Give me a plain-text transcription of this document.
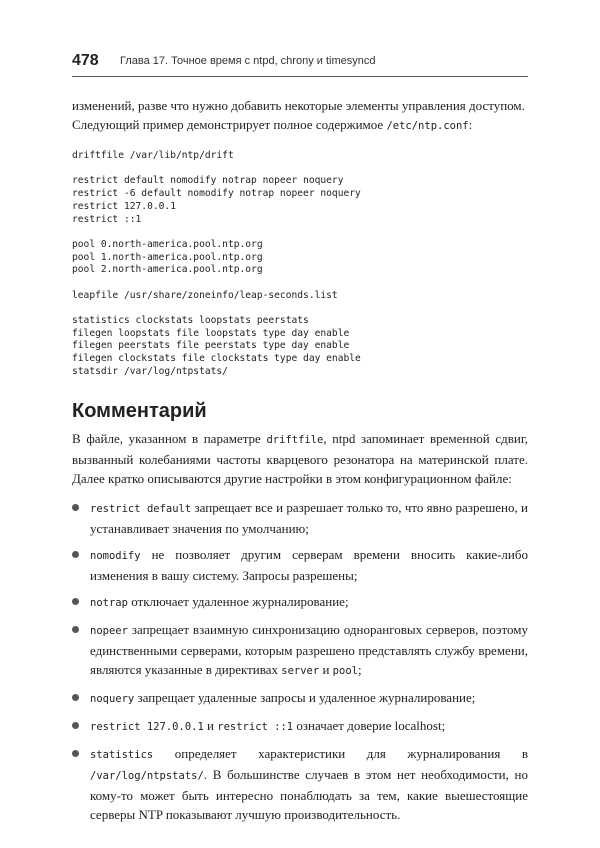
478 Глава 17. Точное время с ntpd, chrony и timesyncd

изменений, разве что нужно добавить некоторые элементы управления доступом.
Следующий пример демонстрирует полное содержимое /etc/ntp.conf:

driftfile /var/lib/ntp/drift
restrict default nomodify notrap nopeer noquery
restrict -6 default nomodify notrap nopeer noquery
restrict 127.0.0.1
restrict ::1
pool 0.north-america.pool.ntp.org
pool 1.north-america.pool.ntp.org
pool 2.north-america.pool.ntp.org
leapfile /usr/share/zoneinfo/leap-seconds.list
statistics clockstats loopstats peerstats
filegen loopstats file loopstats type day enable
filegen peerstats file peerstats type day enable
filegen clockstats file clockstats type day enable
statsdir /var/log/ntpstats/
Комментарий

В файле, указанном в параметре driftfile, ntpd запоминает временной сдвиг, вызванный колебаниями частоты кварцевого резонатора на материнской плате. Далее кратко описываются другие настройки в этом конфигурационном файле:

restrict default запрещает все и разрешает только то, что явно разрешено, и устанавливает значения по умолчанию;
nomodify не позволяет другим серверам времени вносить какие-либо изменения в вашу систему. Запросы разрешены;
notrap отключает удаленное журналирование;
nopeer запрещает взаимную синхронизацию одноранговых серверов, поэтому единственными серверами, которым разрешено представлять службу времени, являются указанные в директивах server и pool;
noquery запрещает удаленные запросы и удаленное журналирование;
restrict 127.0.0.1 и restrict ::1 означает доверие localhost;
statistics определяет характеристики для журналирования в /var/log/ntpstats/. В большинстве случаев в этом нет необходимости, но кому-то может быть интересно понаблюдать за тем, какие выешестоящие серверы NTP показывают лучшую производительность.
